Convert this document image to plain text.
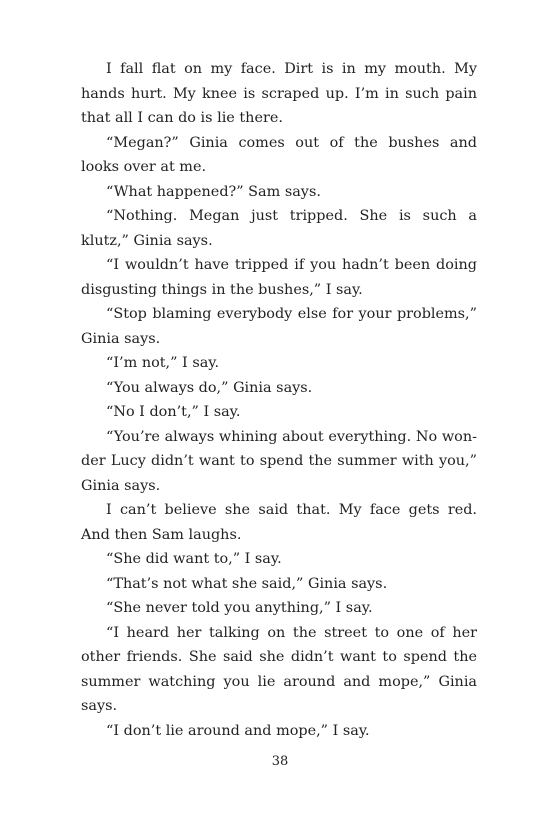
I fall flat on my face. Dirt is in my mouth. My hands hurt. My knee is scraped up. I’m in such pain that all I can do is lie there.

“Megan?” Ginia comes out of the bushes and looks over at me.

“What happened?” Sam says.

“Nothing. Megan just tripped. She is such a klutz,” Ginia says.

“I wouldn’t have tripped if you hadn’t been doing disgusting things in the bushes,” I say.

“Stop blaming everybody else for your problems,” Ginia says.

“I’m not,” I say.

“You always do,” Ginia says.

“No I don’t,” I say.

“You’re always whining about everything. No wonder Lucy didn’t want to spend the summer with you,” Ginia says.

I can’t believe she said that. My face gets red. And then Sam laughs.

“She did want to,” I say.

“That’s not what she said,” Ginia says.

“She never told you anything,” I say.

“I heard her talking on the street to one of her other friends. She said she didn’t want to spend the summer watching you lie around and mope,” Ginia says.

“I don’t lie around and mope,” I say.

38
